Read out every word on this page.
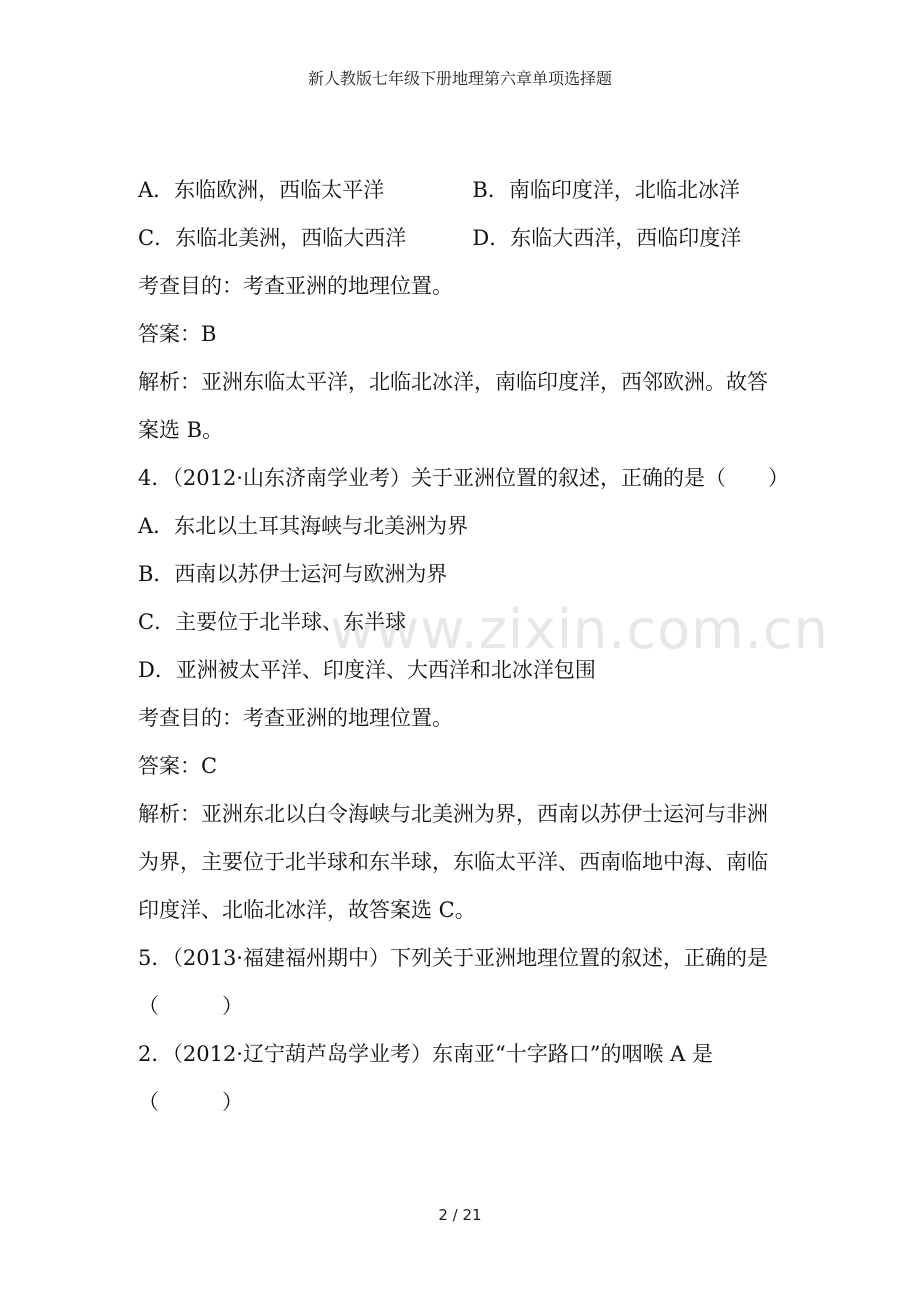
新人教版七年级下册地理第六章单项选择题
www.zixin.com.cn
A．东临欧洲，西临太平洋	B．南临印度洋，北临北冰洋
C．东临北美洲，西临大西洋	D．东临大西洋，西临印度洋

考查目的：考查亚洲的地理位置。

答案：B

解析：亚洲东临太平洋，北临北冰洋，南临印度洋，西邻欧洲。故答

案选 B。

4．（2012·山东济南学业考）关于亚洲位置的叙述，正确的是（　　）

A．东北以土耳其海峡与北美洲为界

B．西南以苏伊士运河与欧洲为界

C．主要位于北半球、东半球

D．亚洲被太平洋、印度洋、大西洋和北冰洋包围

考查目的：考查亚洲的地理位置。

答案：C

解析：亚洲东北以白令海峡与北美洲为界，西南以苏伊士运河与非洲

为界，主要位于北半球和东半球，东临太平洋、西南临地中海、南临

印度洋、北临北冰洋，故答案选 C。

5．（2013·福建福州期中）下列关于亚洲地理位置的叙述，正确的是

（　　　）

2．（2012·辽宁葫芦岛学业考）东南亚“十字路口”的咽喉 A 是

（　　　）

2 / 21
